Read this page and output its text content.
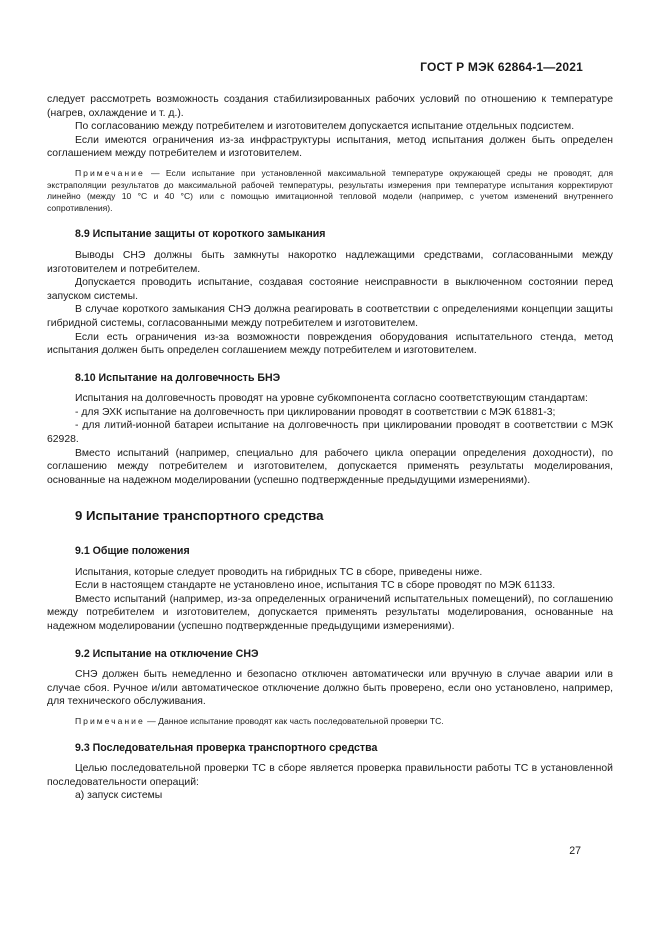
ГОСТ Р МЭК 62864-1—2021

следует рассмотреть возможность создания стабилизированных рабочих условий по отношению к температуре (нагрев, охлаждение и т. д.).

По согласованию между потребителем и изготовителем допускается испытание отдельных подсистем.

Если имеются ограничения из-за инфраструктуры испытания, метод испытания должен быть определен соглашением между потребителем и изготовителем.

Примечание — Если испытание при установленной максимальной температуре окружающей среды не проводят, для экстраполяции результатов до максимальной рабочей температуры, результаты измерения при температуре испытания корректируют линейно (между 10 °С и 40 °С) или с помощью имитационной тепловой модели (например, с учетом изменений внутреннего сопротивления).

8.9 Испытание защиты от короткого замыкания

Выводы СНЭ должны быть замкнуты накоротко надлежащими средствами, согласованными между изготовителем и потребителем.

Допускается проводить испытание, создавая состояние неисправности в выключенном состоянии перед запуском системы.

В случае короткого замыкания СНЭ должна реагировать в соответствии с определениями концепции защиты гибридной системы, согласованными между потребителем и изготовителем.

Если есть ограничения из-за возможности повреждения оборудования испытательного стенда, метод испытания должен быть определен соглашением между потребителем и изготовителем.

8.10 Испытание на долговечность БНЭ

Испытания на долговечность проводят на уровне субкомпонента согласно соответствующим стандартам:

- для ЭХК испытание на долговечность при циклировании проводят в соответствии с МЭК 61881-3;

- для литий-ионной батареи испытание на долговечность при циклировании проводят в соответствии с МЭК 62928.

Вместо испытаний (например, специально для рабочего цикла операции определения доходности), по соглашению между потребителем и изготовителем, допускается применять результаты моделирования, основанные на надежном моделировании (успешно подтвержденные предыдущими измерениями).

9 Испытание транспортного средства

9.1 Общие положения

Испытания, которые следует проводить на гибридных ТС в сборе, приведены ниже.

Если в настоящем стандарте не установлено иное, испытания ТС в сборе проводят по МЭК 61133.

Вместо испытаний (например, из-за определенных ограничений испытательных помещений), по соглашению между потребителем и изготовителем, допускается применять результаты моделирования, основанные на надежном моделировании (успешно подтвержденные предыдущими измерениями).

9.2 Испытание на отключение СНЭ

СНЭ должен быть немедленно и безопасно отключен автоматически или вручную в случае аварии или в случае сбоя. Ручное и/или автоматическое отключение должно быть проверено, если оно установлено, например, для технического обслуживания.

Примечание — Данное испытание проводят как часть последовательной проверки ТС.

9.3 Последовательная проверка транспортного средства

Целью последовательной проверки ТС в сборе является проверка правильности работы ТС в установленной последовательности операций:

а) запуск системы

27
